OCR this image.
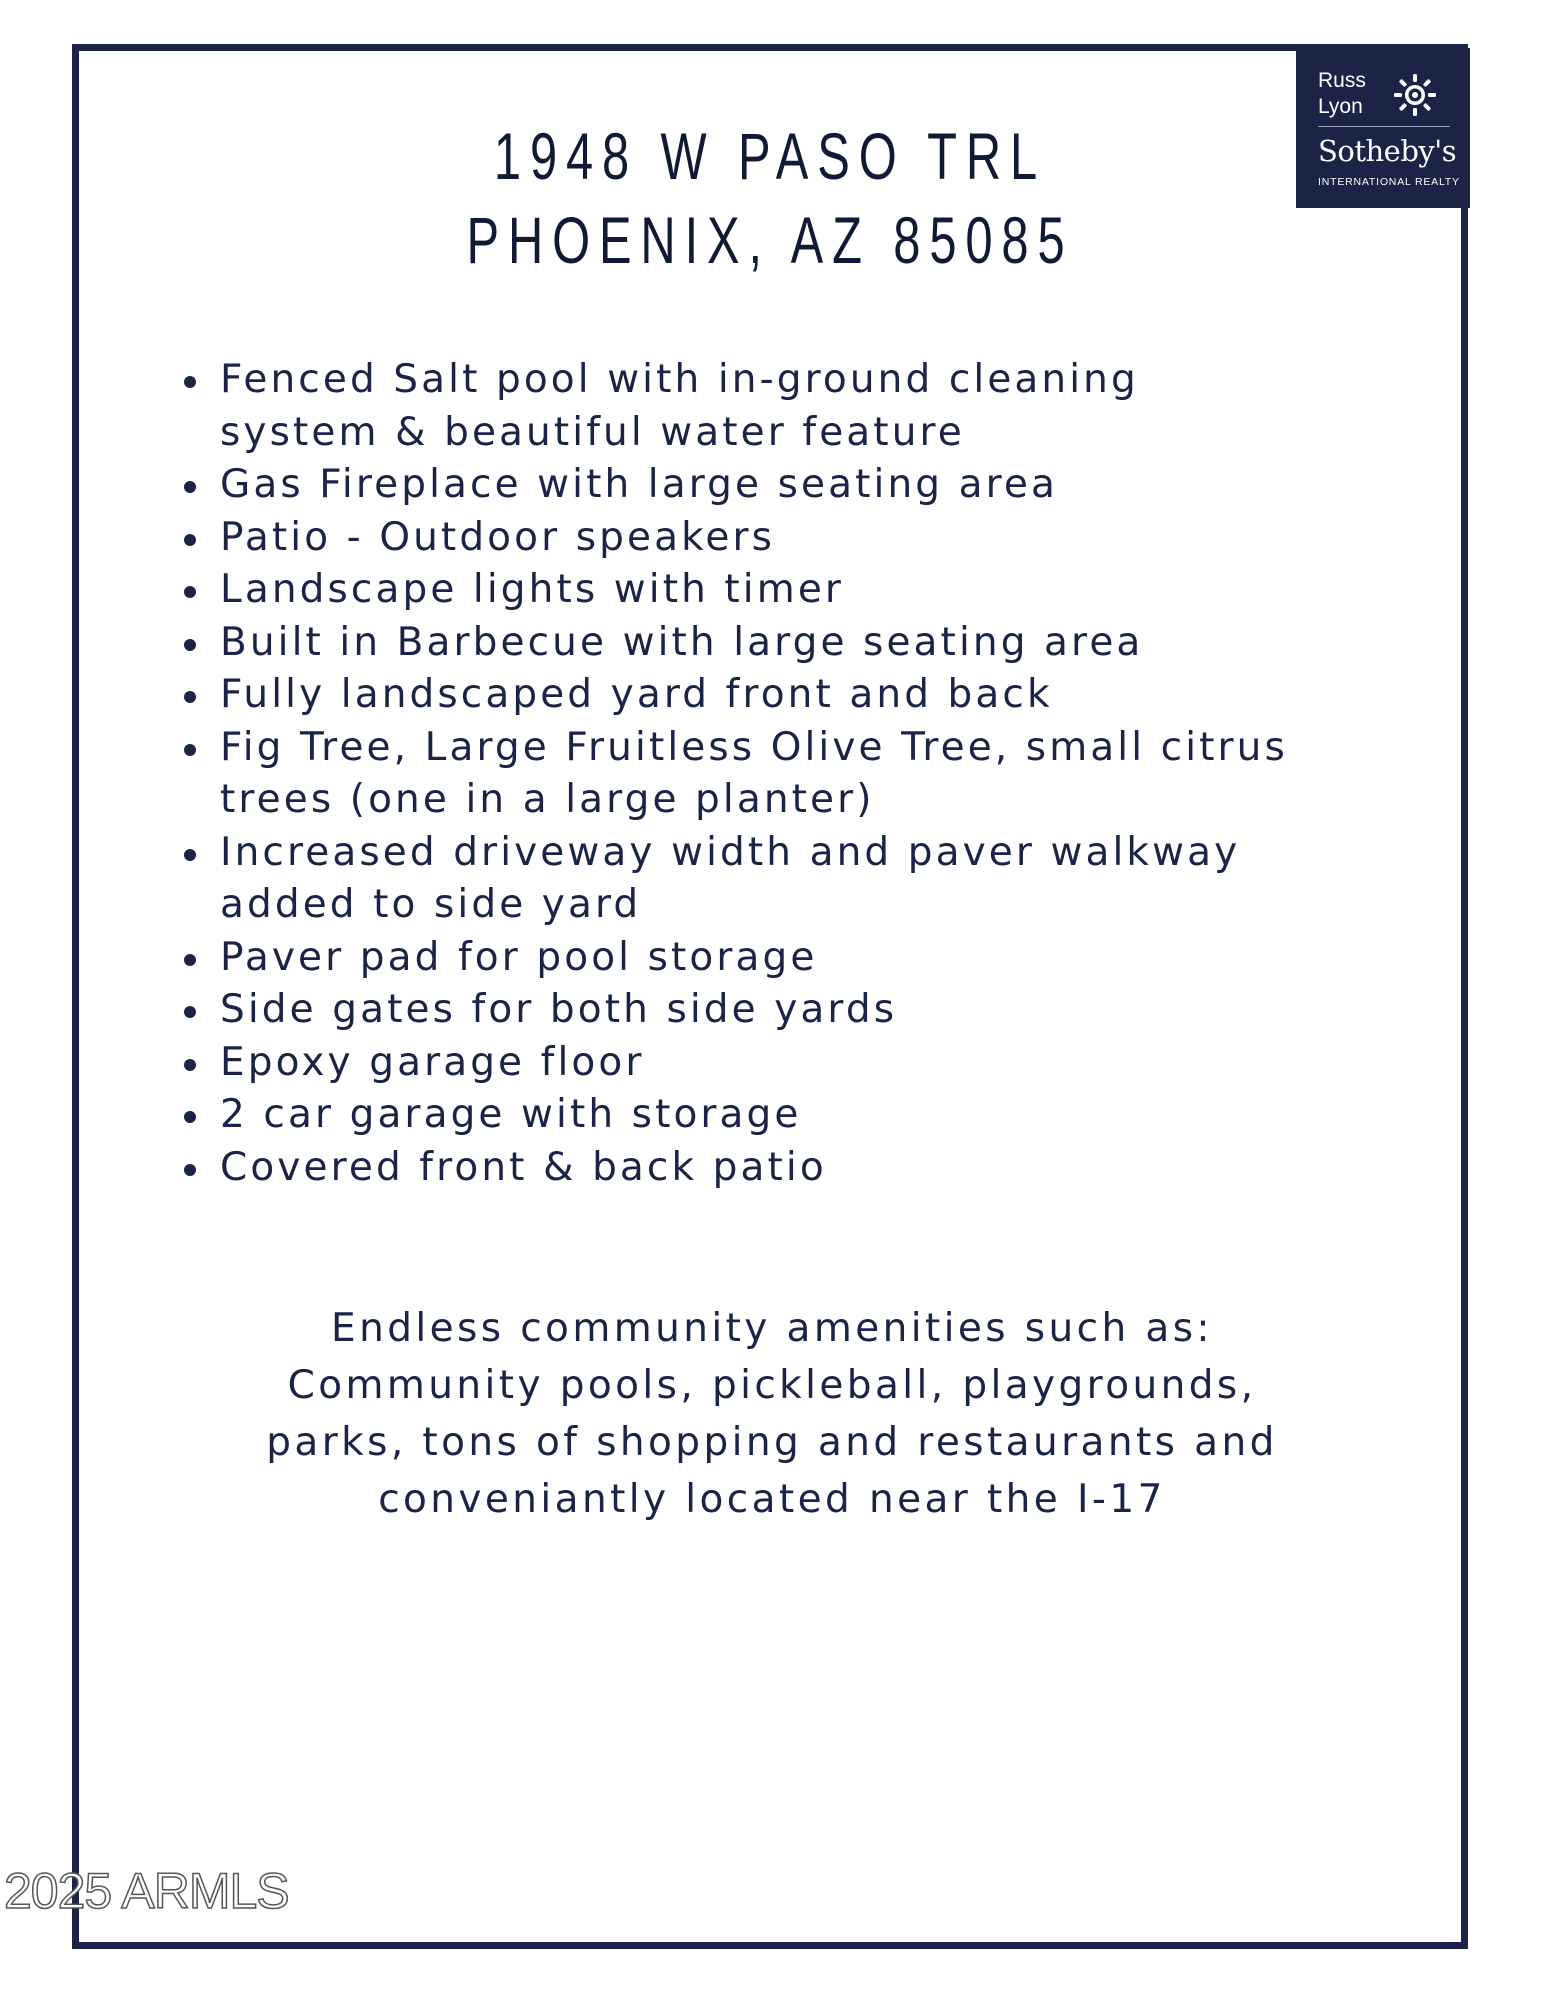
Russ
Lyon
Sotheby's
INTERNATIONAL REALTY
1948 W PASO TRL
PHOENIX, AZ 85085
Fenced Salt pool with in-ground cleaning
system & beautiful water feature
Gas Fireplace with large seating area
Patio - Outdoor speakers
Landscape lights with timer
Built in Barbecue with large seating area
Fully landscaped yard front and back
Fig Tree, Large Fruitless Olive Tree, small citrus
trees (one in a large planter)
Increased driveway width and paver walkway
added to side yard
Paver pad for pool storage
Side gates for both side yards
Epoxy garage floor
2 car garage with storage
Covered front & back patio
Endless community amenities such as:
Community pools, pickleball, playgrounds,
parks, tons of shopping and restaurants and
conveniantly located near the I-17
2025 ARMLS
